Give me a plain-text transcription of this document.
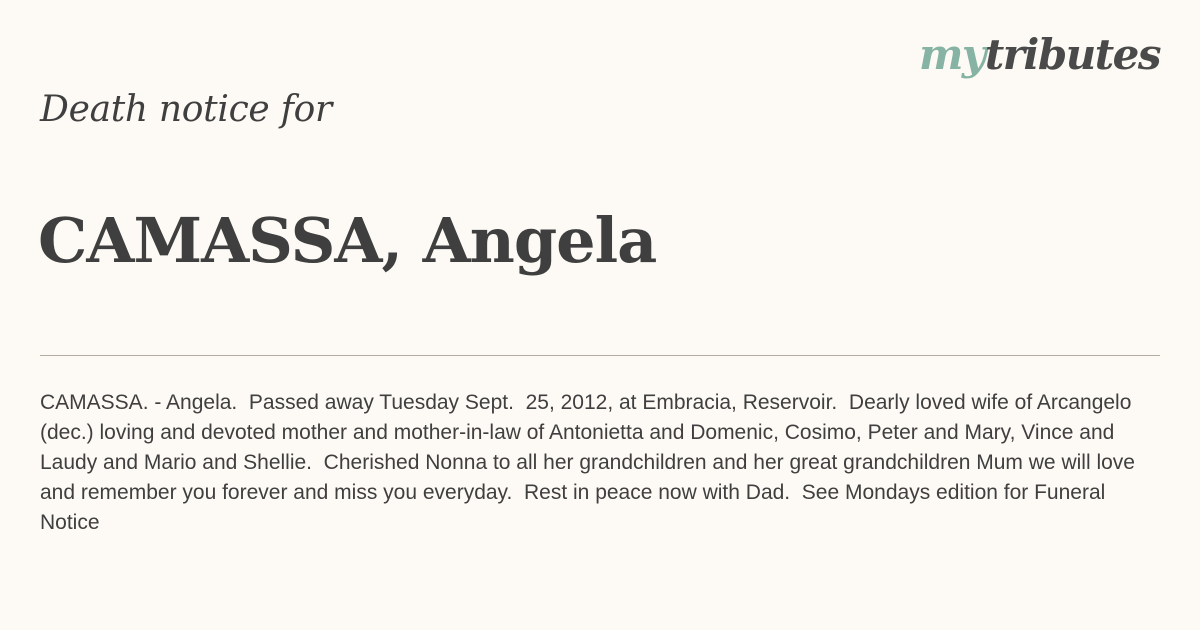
mytributes
Death notice for
CAMASSA, Angela

CAMASSA. - Angela.  Passed away Tuesday Sept.  25, 2012, at Embracia, Reservoir.  Dearly loved wife of Arcangelo (dec.) loving and devoted mother and mother-in-law of Antonietta and Domenic, Cosimo, Peter and Mary, Vince and Laudy and Mario and Shellie.  Cherished Nonna to all her grandchildren and her great grandchildren Mum we will love and remember you forever and miss you everyday.  Rest in peace now with Dad.  See Mondays edition for Funeral Notice
